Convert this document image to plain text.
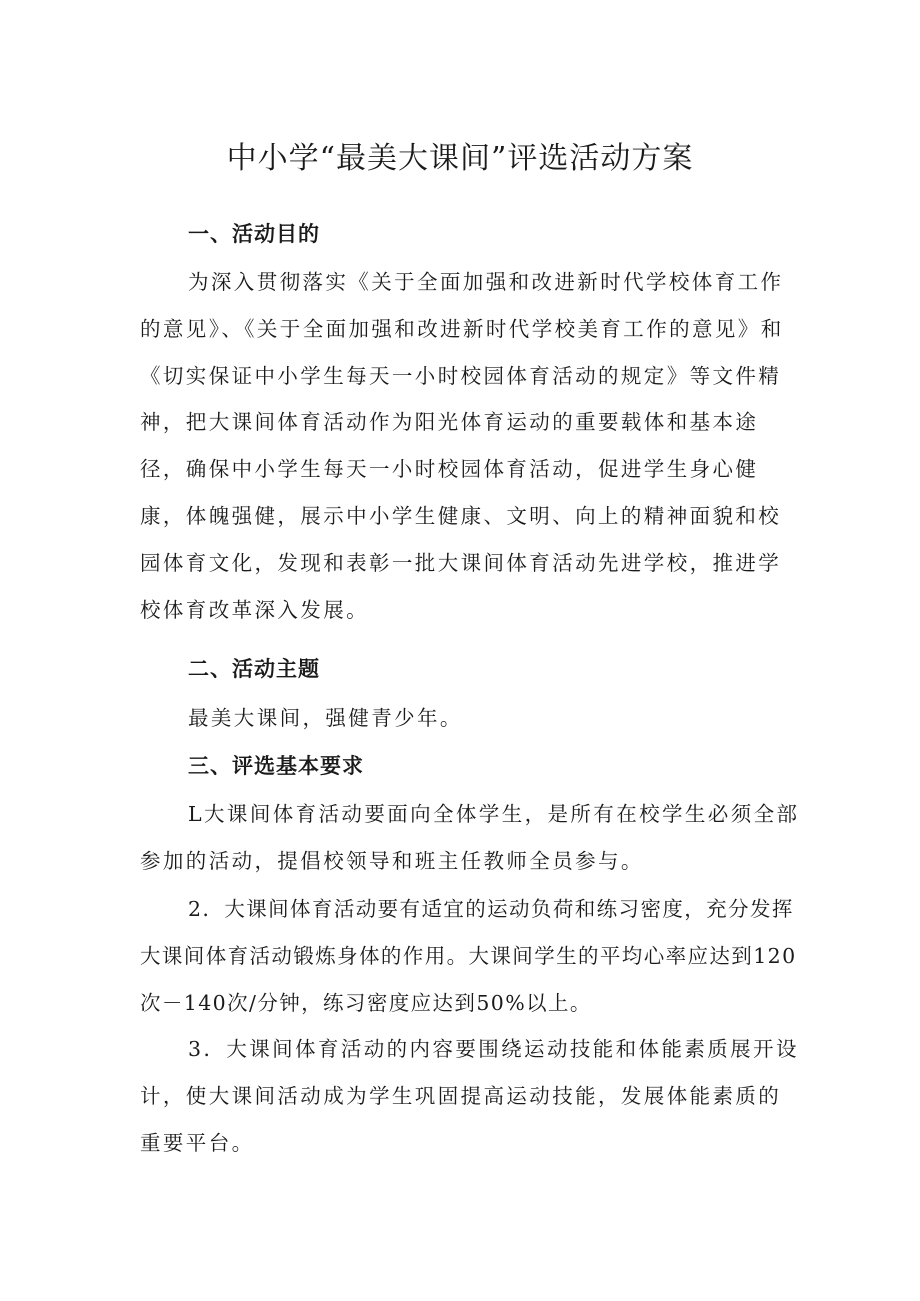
中小学“最美大课间”评选活动方案
一、活动目的

为深入贯彻落实《关于全面加强和改进新时代学校体育工作的意见》、《关于全面加强和改进新时代学校美育工作的意见》和《切实保证中小学生每天一小时校园体育活动的规定》等文件精神，把大课间体育活动作为阳光体育运动的重要载体和基本途径，确保中小学生每天一小时校园体育活动，促进学生身心健康，体魄强健，展示中小学生健康、文明、向上的精神面貌和校园体育文化，发现和表彰一批大课间体育活动先进学校，推进学校体育改革深入发展。

二、活动主题

最美大课间，强健青少年。

三、评选基本要求

L大课间体育活动要面向全体学生，是所有在校学生必须全部参加的活动，提倡校领导和班主任教师全员参与。

2．大课间体育活动要有适宜的运动负荷和练习密度，充分发挥大课间体育活动锻炼身体的作用。大课间学生的平均心率应达到120次－140次/分钟，练习密度应达到50%以上。

3．大课间体育活动的内容要围绕运动技能和体能素质展开设计，使大课间活动成为学生巩固提高运动技能，发展体能素质的重要平台。
